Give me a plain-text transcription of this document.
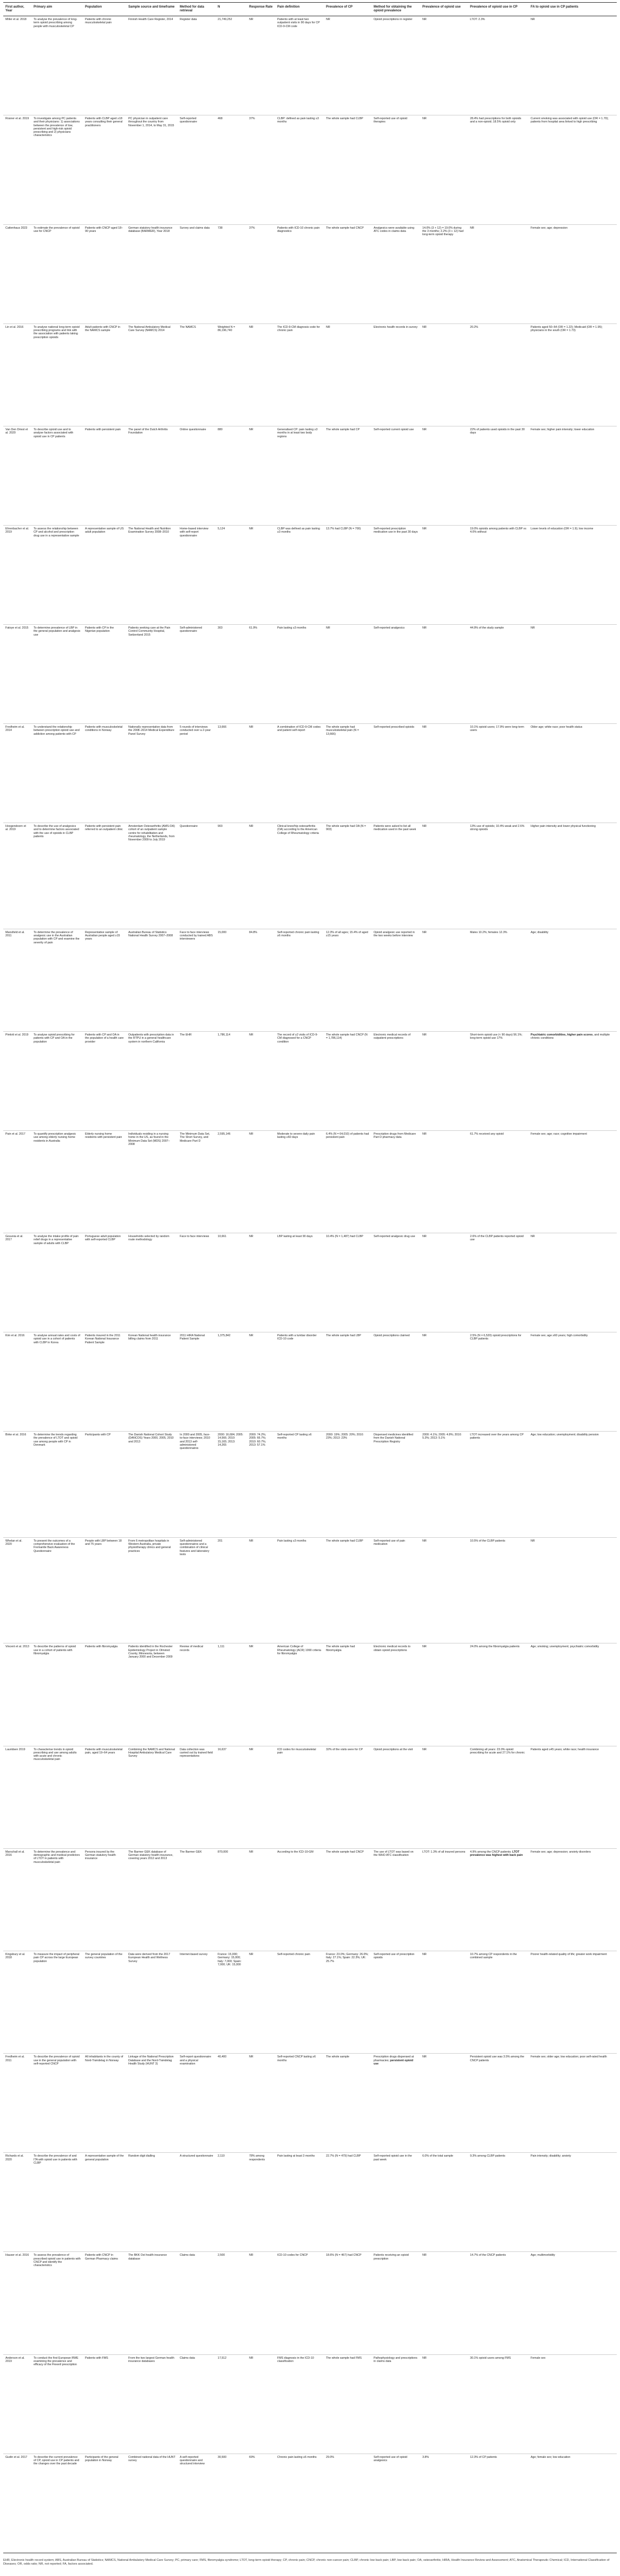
First author, Year	Primary aim	Population	Sample source and timeframe	Method for data retrieval	N	Response Rate	Pain definition	Prevalence of CP	Method for obtaining the opioid prevalence	Prevalence of opioid use	Prevalence of opioid use in CP	FA to opioid use in CP patients
Miller et al. 2018	To analyse the prevalence of long-term opioid prescribing among people with musculoskeletal CP	Patients with chronic musculoskeletal pain	Finnish Health Care Register, 2014	Register data	21,749,252	NR	Patients with at least two outpatient visits in 90 days for CP ICD-9-CM code	NR	Opioid prescriptions in register	NR	LTOT: 2.3%	NR
Rosner et al. 2019	To investigate among PC patients and their physicians: 1) associations between the prevalence of low, persistent and high-risk opioid prescribing and 2) physicians characteristics	Patients with CLBP aged ≥18 years consulting their general practitioners	PC physician in outpatient care throughout the country from November 1, 2014, to May 31, 2015	Self-reported questionnaire	468	37%	CLBP: defined as pain lasting ≥3 months	The whole sample had CLBP	Self-reported use of opioid therapies	NR	28.4% had prescriptions for both opioids and a non-opioid; 18.5% opioid only	Current smoking was associated with opioid use (OR = 1.70); patients from hospital area linked to high prescribing
Cattenhaus 2023	To estimate the prevalence of opioid use for CNCP	Patients with CNCP aged 18–90 years	German statutory health insurance database (BARMER), Year 2018	Survey and claims data	738	37%	Patients with ICD-10 chronic pain diagnostics	The whole sample had CNCP	Analgesics were available using ATC codes in claims data	14.0% (3 + 12) = 19.0% during the 3 months; 2.2% (3 + 12) had long-term opioid therapy	NR	Female sex; age; depression
Lin et al. 2016	To analyse national long-term opioid prescribing programs and link with the association with patients taking prescription opioids	Adult patients with CNCP in the NAMCS sample	The National Ambulatory Medical Care Survey (NAMCS) 2014	The NAMCS	Weighted N = 86,196,740	NR	The ICD-9-CM diagnosis code for chronic pain	NR	Electronic health records in survey	NR	20.2%	Patients aged 50–64 (OR = 1.22); Medicaid (OR = 1.95); physicians in the south (OR = 1.73)
Van Den Driest et al. 2020	To describe opioid use and to analyse factors associated with opioid use in CP patients	Patients with persistent pain	The panel of the Dutch Arthritis Foundation	Online questionnaire	880	NR	Generalised CP: pain lasting ≥3 months in at least two body regions	The whole sample had CP	Self-reported current opioid use	NR	22% of patients used opioids in the past 30 days	Female sex; higher pain intensity; lower education
Ehrenbacher et al. 2019	To assess the relationship between CP and alcohol and prescription drug use in a representative sample	A representative sample of US adult population	The National Health and Nutrition Examination Survey 2008–2010	Home-based interview with self-report questionnaire	5,124	NR	CLBP was defined as pain lasting ≥3 months	13.7% had CLBP (N = 700)	Self-reported prescription medication use in the past 30 days	NR	19.0% opioids among patients with CLBP vs 4.0% without	Lower levels of education (OR = 1.9); low income
Fatoye et al. 2015	To determine prevalence of LBP in the general population and analgesic use	Patients with CP in the Nigerian population	Patients seeking care at the Pain Control Community Hospital, Switzerland 2015	Self-administered questionnaire	303	61.9%	Pain lasting ≥3 months	NR	Self-reported analgesics	NR	44.9% of the study sample	NR
Fredheim et al. 2014	To understand the relationship between prescription opioid use and addiction among patients with CP	Patients with musculoskeletal conditions in Norway	Nationally representative data from the 2008–2014 Medical Expenditure Panel Survey	5 rounds of interviews conducted over a 2-year period	13,666	NR	A combination of ICD-9-CM codes and patient self-report	The whole sample had musculoskeletal pain (N = 13,666)	Self-reported prescribed opioids	NR	10.1% opioid users; 17.9% were long-term users	Older age; white race; poor health status
Hoogendoorn et al. 2019	To describe the use of analgesics and to determine factors associated with the use of opioids in CLBP patients	Patients with persistent pain referred to an outpatient clinic	Amsterdam Osteoarthritis (AMS-OA) cohort of an outpatient sample centre for rehabilitation and rheumatology, the Netherlands, from November 2009 to July 2019	Questionnaire	903	NR	Clinical knee/hip osteoarthritis (OA) according to the American College of Rheumatology criteria	The whole sample had OA (N = 903)	Patients were asked to list all medication used in the past week	NR	13% use of opioids; 10.4% weak and 2.6% strong opioids	Higher pain intensity and lower physical functioning
Mansfield et al. 2011	To determine the prevalence of analgesic use in the Australian population with CP and examine the severity of pain	Representative sample of Australian people aged ≥15 years	Australian Bureau of Statistics National Health Survey 2007–2008	Face to face interviews conducted by trained ABS interviewers	15,000	84.8%	Self-reported chronic pain lasting ≥6 months	12.3% of all ages; 15.4% of aged ≥15 years	Opioid analgesic use reported in the two weeks before interview	NR	Males 10.2%; females 12.3%	Age; disability
Pimlott et al. 2019	To analyse opioid prescribing for patients with CP and OA in the population	Patients with CP and OA in the population of a health care provider	Outpatients with prescription data in the RTPU in a general healthcare system in northern California	The EHR	1,786,114	NR	The record of ≥2 visits of ICD-9-CM diagnosed for a CNCP condition	The whole sample had CNCP (N = 1,786,114)	Electronic medical records of outpatient prescriptions	NR	Short-term opioid use (< 90 days) 56.1%; long-term opioid use 17%	Psychiatric comorbidities, higher pain scores, and multiple chronic conditions
Pain et al. 2017	To quantify prescription analgesic use among elderly nursing home residents in Australia	Elderly nursing home residents with persistent pain	Individuals residing in a nursing home in the US, as found in the Minimum Data Set (MDS) 2007–2008	The Minimum Data Set, The Short Survey, and Medicare Part D	2,595,146	NR	Moderate to severe daily pain lasting ≥60 days	6.4% (N = 64,010) of patients had persistent pain	Prescription drugs from Medicare Part D pharmacy data	NR	61.7% received any opioid	Female sex; age; race; cognitive impairment
Gouveia et al. 2017	To analyse the intake profile of pain relief drugs in a representative sample of adults with CLBP	Portuguese adult population with self-reported CLBP	Households selected by random route methodology	Face to face interviews	10,661	NR	LBP lasting at least 90 days	10.4% (N = 1,487) had CLBP	Self-reported analgesic drug use	NR	2.6% of the CLBP patients reported opioid use	NR
Kim et al. 2016	To analyse annual rates and costs of opioid use in a cohort of patients with CLBP in Korea	Patients insured in the 2011 Korean National Insurance Patient Sample	Korean National health insurance billing claims from 2011	2011 HIRA National Patient Sample	1,375,842	NR	Patients with a lumbar disorder ICD-10 code	The whole sample had LBP	Opioid prescriptions claimed	NR	2.5% (N = 6,520) opioid prescriptions for CLBP patients	Female sex; age ≥60 years; high comorbidity
Birke et al. 2016	To determine the trends regarding the prevalence of LTOT and opioid use among people with CP in Denmark	Participants with CP	The Danish National Cohort Study (DANCOS) Years 2000, 2005, 2010 and 2013	In 2000 and 2005, face-to-face interviews; 2010 and 2013 self-administered questionnaires	2000: 16,684; 2005: 14,566; 2010: 15,165; 2013: 14,265	2000: 74.2%; 2005: 66.7%; 2010: 60.7%; 2013: 57.1%	Self-reported CP lasting ≥6 months	2000: 19%; 2005: 20%; 2010: 23%; 2013: 23%	Dispensed medicines identified from the Danish National Prescription Registry	2000: 4.1%; 2005: 4.8%; 2010: 5.3%; 2013: 5.1%	LTOT increased over the years among CP patients	Age; low education; unemployment; disability pension
Whelan et al. 2020	To present the outcomes of a comprehensive evaluation of the Fremantle Back Awareness Questionnaire	People with LBP between 18 and 75 years	From 6 metropolitan hospitals in Western Australia, private physiotherapy clinics and general practices	Self-administered questionnaires and a combination of clinical features and laboratory tests	201	NR	Pain lasting ≥3 months	The whole sample had CLBP	Self-reported use of pain medication	NR	10.5% of the CLBP patients	NR
Vincent et al. 2013	To describe the patterns of opioid use in a cohort of patients with fibromyalgia	Patients with fibromyalgia	Patients identified in the Rochester Epidemiology Project in Olmsted County, Minnesota, between January 2000 and December 2009	Review of medical records	1,111	NR	American College of Rheumatology (ACR) 1990 criteria for fibromyalgia	The whole sample had fibromyalgia	Electronic medical records to obtain opioid prescriptions	NR	24.0% among the fibromyalgia patients	Age; smoking; unemployment; psychiatric comorbidity
Lauridsen 2019	To characterise trends in opioid prescribing and use among adults with acute and chronic musculoskeletal pain	Patients with musculoskeletal pain, aged 19–64 years	Combining the NAMCS and National Hospital Ambulatory Medical Care Survey	Data collection was carried out by trained field representatives	16,637	NR	ICD codes for musculoskeletal pain	32% of the visits were for CP	Opioid prescriptions at the visit	NR	Combining all years: 23.0% opioid prescribing for acute and 27.1% for chronic	Patients aged ≥45 years; white race; health insurance
Marschall et al. 2016	To determine the prevalence and demographic and medical predictors of LTOT in patients with musculoskeletal pain	Persons insured by the German statutory health insurance	The Barmer GEK database of German statutory health insurance, covering years 2012 and 2013	The Barmer GEK	870,000	NR	According to the ICD-10-GM	The whole sample had CNCP	The use of LTOT was based on the WHO ATC classification	LTOT: 1.3% of all insured persons	4.9% among the CNCP patients; LTOT prevalence was highest with back pain	Female sex; age; depression; anxiety disorders
Kingsbury et al. 2018	To measure the impact of peripheral pain CP across the large European population	The general population of the survey countries	Data were derived from the 2017 European Health and Wellness Survey	Internet-based survey	France: 15,000; Germany: 15,000; Italy: 7,000; Spain: 7,000; UK: 15,000	NR	Self-reported chronic pain	France: 23.0%; Germany: 26.0%; Italy: 27.1%; Spain: 22.3%; UK: 25.7%	Self-reported use of prescription opioids	NR	10.7% among CP respondents in the combined sample	Poorer health-related quality of life; greater work impairment
Fredheim et al. 2011	To describe the prevalence of opioid use in the general population with self-reported CNCP	All inhabitants in the county of Nord-Trøndelag in Norway	Linkage of the National Prescription Database and the Nord-Trøndelag Health Study (HUNT 3)	Self-report questionnaire and a physical examination	40,400	NR	Self-reported CNCP lasting ≥6 months	The whole sample	Prescription drugs dispensed at pharmacies; persistent opioid use	NR	Persistent opioid use was 3.5% among the CNCP patients	Female sex; older age; low education; poor self-rated health
Richards et al. 2020	To describe the prevalence of and ITA with opioid use in patients with CLBP	A representative sample of the general population	Random digit dialling	A structured questionnaire	2,110	78% among respondents	Pain lasting at least 3 months	22.7% (N = 479) had CLBP	Self-reported opioid use in the past week	6.0% of the total sample	9.3% among CLBP patients	Pain intensity; disability; anxiety
Hauser et al. 2016	To assess the prevalence of prescribed opioid use in patients with CNCP and identify the characteristics	Patients with CNCP in German Pharmacy claims	The BKK Ost health insurance database	Claims data	2,500	NR	ICD-10 codes for CNCP	18.6% (N = 467) had CNCP	Patients receiving an opioid prescription	NR	14.7% of the CNCP patients	Age; multimorbidity
Anderson et al. 2019	To conduct the first European RWE examining the prevalence and efficacy of the Flexeril prescription	Patients with FMS	From the two largest German health insurance databases	Claims data	17,512	NR	FMS diagnosis in the ICD-10 classification	The whole sample had FMS	Pathophysiology and prescriptions in claims data	NR	30.1% opioid users among FMS	Female sex
Gudin et al. 2017	To describe the current prevalence of CP, opioid use in CP patients and the changes over the past decade	Participants of the general population in Norway	Combined national data of the HUNT survey	A self-reported questionnaire and structured interview	30,500	69%	Chronic pain lasting ≥6 months	29.0%	Self-reported use of opioid analgesics	3.8%	12.3% of CP patients	Age; female sex; low education
EHR, Electronic health record system; ABS, Australian Bureau of Statistics; NAMCS, National Ambulatory Medical Care Survey; PC, primary care; FMS, fibromyalgia syndrome; LTOT, long-term opioid therapy; CP, chronic pain; CNCP, chronic non-cancer pain; CLBP, chronic low back pain; LBP, low back pain; OA, osteoarthritis; HIRA, Health Insurance Review and Assessment; ATC, Anatomical Therapeutic Chemical; ICD, International Classification of Diseases; OR, odds ratio; NR, not reported; FA, factors associated.
